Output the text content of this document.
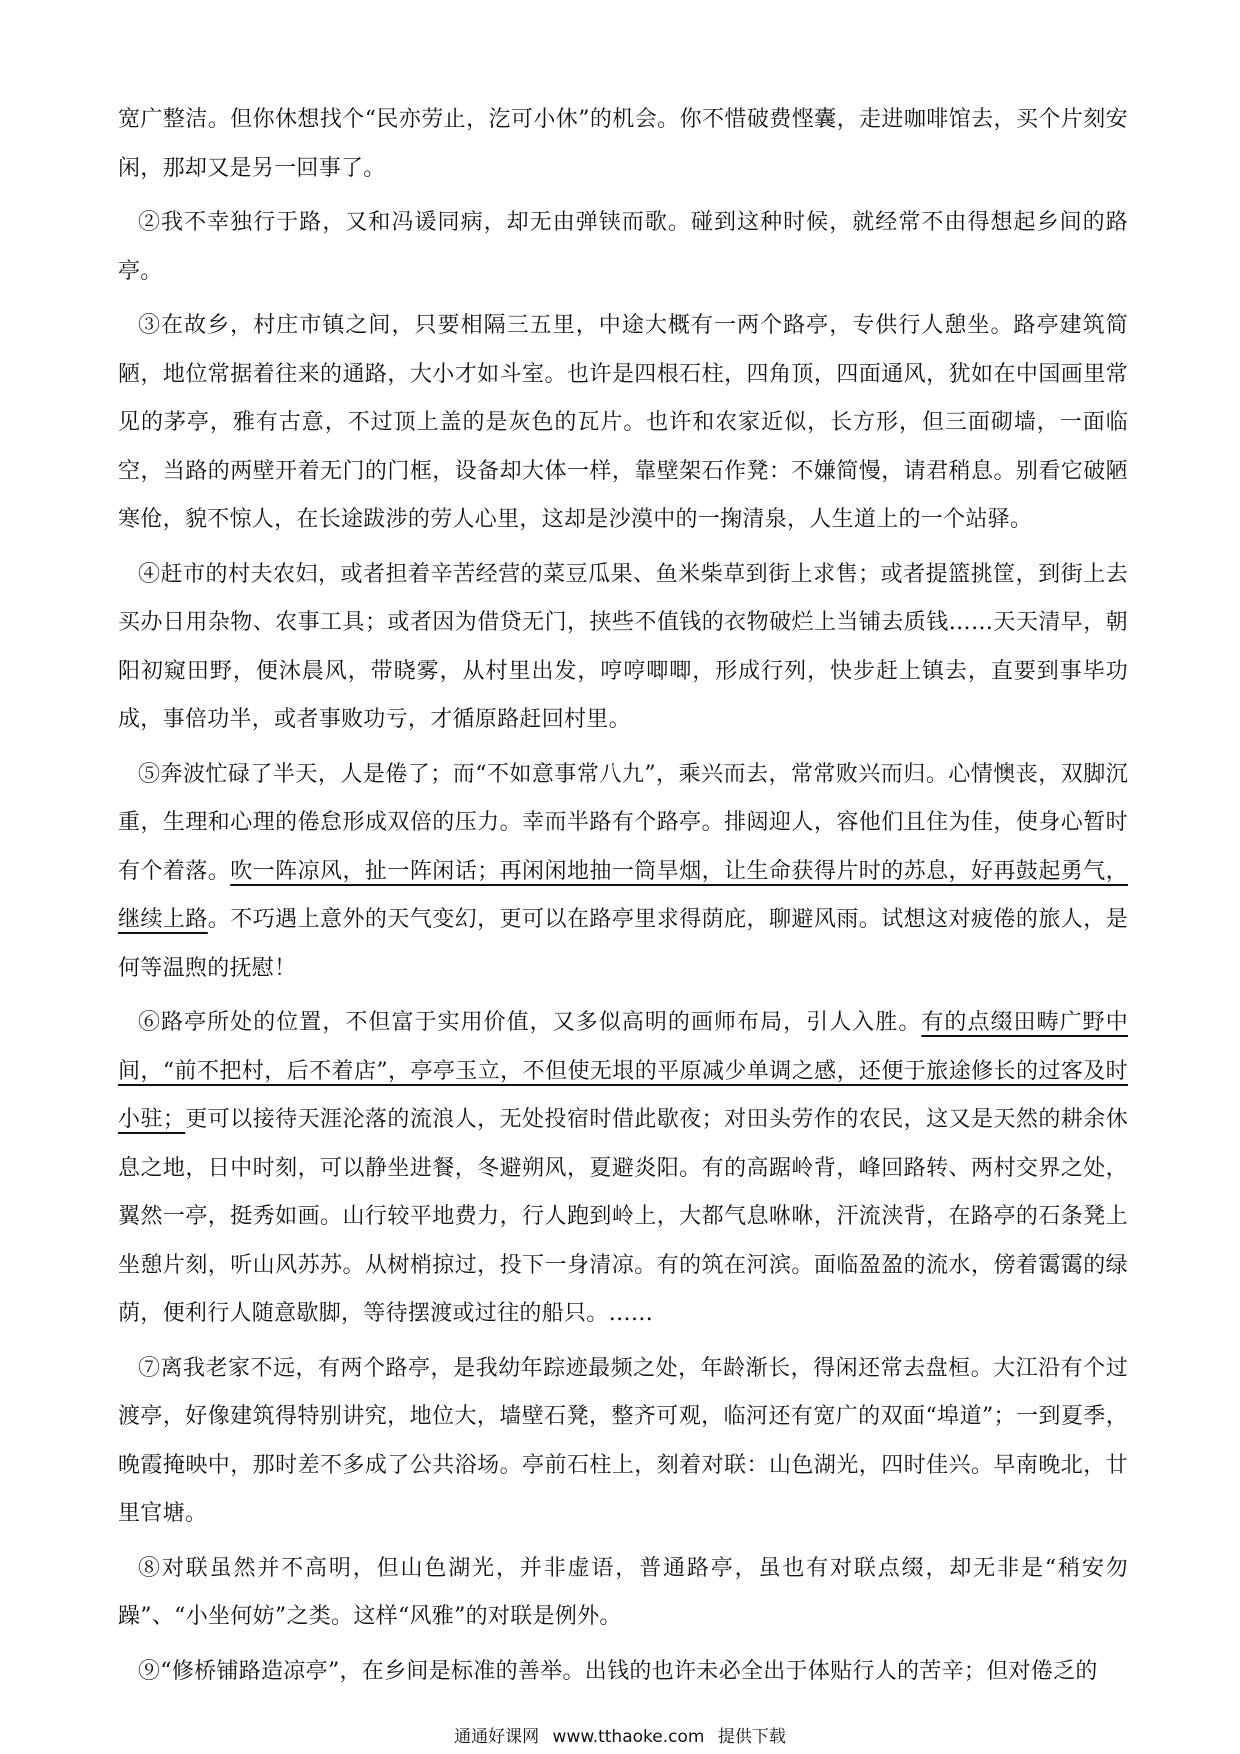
宽广整洁。但你休想找个“民亦劳止，汔可小休”的机会。你不惜破费悭囊，走进咖啡馆去，买个片刻安闲，那却又是另一回事了。

②我不幸独行于路，又和冯谖同病，却无由弹铗而歌。碰到这种时候，就经常不由得想起乡间的路亭。

③在故乡，村庄市镇之间，只要相隔三五里，中途大概有一两个路亭，专供行人憩坐。路亭建筑简陋，地位常据着往来的通路，大小才如斗室。也许是四根石柱，四角顶，四面通风，犹如在中国画里常见的茅亭，雅有古意，不过顶上盖的是灰色的瓦片。也许和农家近似，长方形，但三面砌墙，一面临空，当路的两壁开着无门的门框，设备却大体一样，靠壁架石作凳：不嫌简慢，请君稍息。别看它破陋寒伧，貌不惊人，在长途跋涉的劳人心里，这却是沙漠中的一掬清泉，人生道上的一个站驿。

④赶市的村夫农妇，或者担着辛苦经营的菜豆瓜果、鱼米柴草到街上求售；或者提篮挑筐，到街上去买办日用杂物、农事工具；或者因为借贷无门，挟些不值钱的衣物破烂上当铺去质钱……天天清早，朝阳初窥田野，便沐晨风，带晓雾，从村里出发，哼哼唧唧，形成行列，快步赶上镇去，直要到事毕功成，事倍功半，或者事败功亏，才循原路赶回村里。

⑤奔波忙碌了半天，人是倦了；而“不如意事常八九”，乘兴而去，常常败兴而归。心情懊丧，双脚沉重，生理和心理的倦怠形成双倍的压力。幸而半路有个路亭。排闼迎人，容他们且住为佳，使身心暂时有个着落。吹一阵凉风，扯一阵闲话；再闲闲地抽一筒旱烟，让生命获得片时的苏息，好再鼓起勇气，继续上路。不巧遇上意外的天气变幻，更可以在路亭里求得荫庇，聊避风雨。试想这对疲倦的旅人，是何等温煦的抚慰！

⑥路亭所处的位置，不但富于实用价值，又多似高明的画师布局，引人入胜。有的点缀田畴广野中间，“前不把村，后不着店”，亭亭玉立，不但使无垠的平原减少单调之感，还便于旅途修长的过客及时小驻；更可以接待天涯沦落的流浪人，无处投宿时借此歇夜；对田头劳作的农民，这又是天然的耕余休息之地，日中时刻，可以静坐进餐，冬避朔风，夏避炎阳。有的高踞岭背，峰回路转、两村交界之处，翼然一亭，挺秀如画。山行较平地费力，行人跑到岭上，大都气息咻咻，汗流浃背，在路亭的石条凳上坐憩片刻，听山风苏苏。从树梢掠过，投下一身清凉。有的筑在河滨。面临盈盈的流水，傍着霭霭的绿荫，便利行人随意歇脚，等待摆渡或过往的船只。……

⑦离我老家不远，有两个路亭，是我幼年踪迹最频之处，年龄渐长，得闲还常去盘桓。大江沿有个过渡亭，好像建筑得特别讲究，地位大，墙壁石凳，整齐可观，临河还有宽广的双面“埠道”；一到夏季，晚霞掩映中，那时差不多成了公共浴场。亭前石柱上，刻着对联：山色湖光，四时佳兴。早南晚北，廿里官塘。

⑧对联虽然并不高明，但山色湖光，并非虚语，普通路亭，虽也有对联点缀，却无非是“稍安勿躁”、“小坐何妨”之类。这样“风雅”的对联是例外。

⑨“修桥铺路造凉亭”，在乡间是标准的善举。出钱的也许未必全出于体贴行人的苦辛；但对倦乏的

通通好课网 www.tthaoke.com 提供下载
